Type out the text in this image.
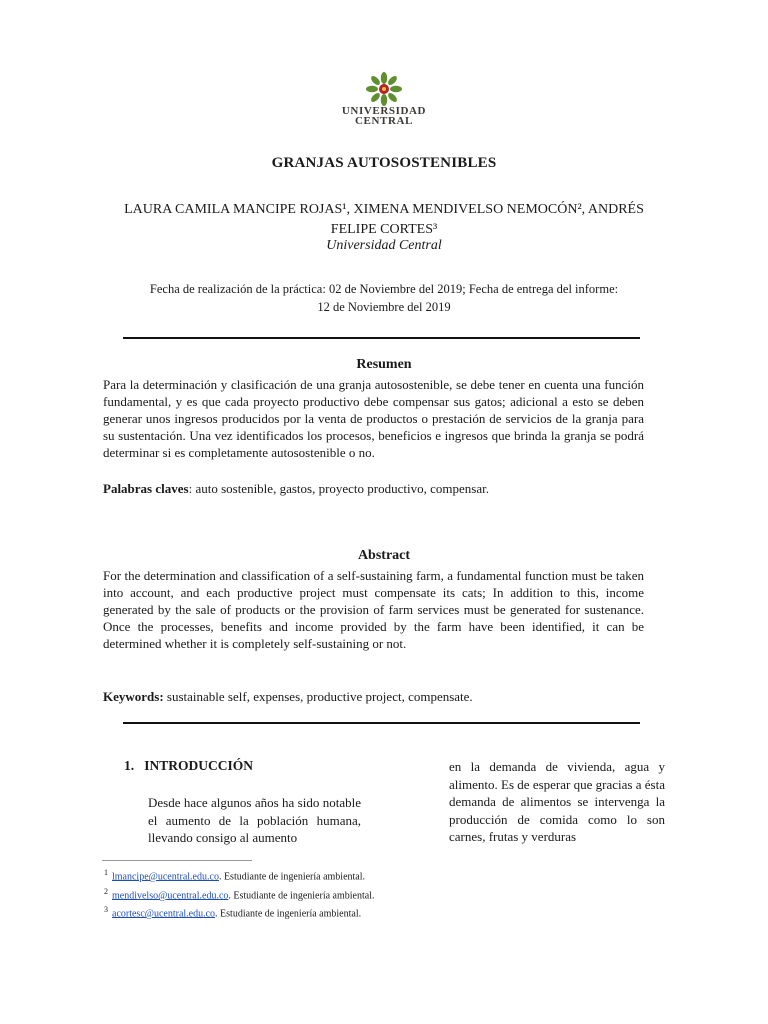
UNIVERSIDAD
CENTRAL
GRANJAS AUTOSOSTENIBLES
LAURA CAMILA MANCIPE ROJAS¹, XIMENA MENDIVELSO NEMOCÓN², ANDRÉS FELIPE CORTES³
Universidad Central
Fecha de realización de la práctica: 02 de Noviembre del 2019; Fecha de entrega del informe:
12 de Noviembre del 2019
Resumen
Para la determinación y clasificación de una granja autosostenible, se debe tener en cuenta una función fundamental, y es que cada proyecto productivo debe compensar sus gatos; adicional a esto se deben generar unos ingresos producidos por la venta de productos o prestación de servicios de la granja para su sustentación. Una vez identificados los procesos, beneficios e ingresos que brinda la granja se podrá determinar si es completamente autosostenible o no.
Palabras claves: auto sostenible, gastos, proyecto productivo, compensar.
Abstract
For the determination and classification of a self-sustaining farm, a fundamental function must be taken into account, and each productive project must compensate its cats; In addition to this, income generated by the sale of products or the provision of farm services must be generated for sustenance. Once the processes, benefits and income provided by the farm have been identified, it can be determined whether it is completely self-sustaining or not.
Keywords: sustainable self, expenses, productive project, compensate.
1.   INTRODUCCIÓN
Desde hace algunos años ha sido notable el aumento de la población humana, llevando consigo al aumento
en la demanda de vivienda, agua y alimento. Es de esperar que gracias a ésta demanda de alimentos se intervenga la producción de comida como lo son carnes, frutas y verduras
$^1$ lmancipe@ucentral.edu.co. Estudiante de ingeniería ambiental.
$^2$ mendivelso@ucentral.edu.co. Estudiante de ingeniería ambiental.
$^3$ acortesc@ucentral.edu.co. Estudiante de ingeniería ambiental.
